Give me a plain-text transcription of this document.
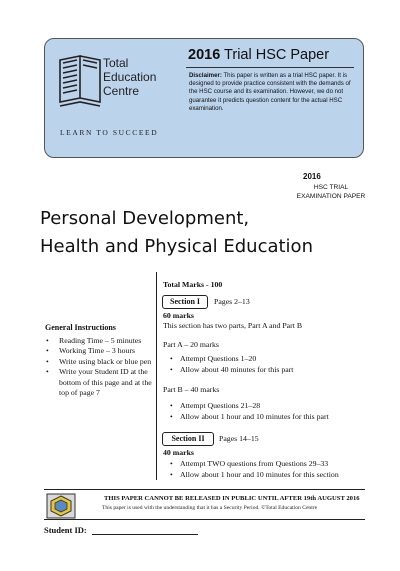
Total
Education
Centre
LEARN TO SUCCEED
2016 Trial HSC Paper
Disclaimer: This paper is written as a trial HSC paper. It is designed to provide practice consistent with the demands of the HSC course and its examination. However, we do not guarantee it predicts question content for the actual HSC examination.
2016
HSC TRIAL
EXAMINATION PAPER
Personal Development,
Health and Physical Education
General Instructions
• Reading Time – 5 minutes
• Working Time – 3 hours
• Write using black or blue pen
• Write your Student ID at the bottom of this page and at the top of page 7
Total Marks - 100
Section I	Pages 2–13
60 marks
This section has two parts, Part A and Part B
Part A – 20 marks
• Attempt Questions 1–20
• Allow about 40 minutes for this part
Part B – 40 marks
• Attempt Questions 21–28
• Allow about 1 hour and 10 minutes for this part
Section II	Pages 14–15
40 marks
• Attempt TWO questions from Questions 29–33
• Allow about 1 hour and 10 minutes for this section
THIS PAPER CANNOT BE RELEASED IN PUBLIC UNTIL AFTER 19th AUGUST 2016
This paper is used with the understanding that it has a Security Period. ©Total Education Centre
Student ID:
